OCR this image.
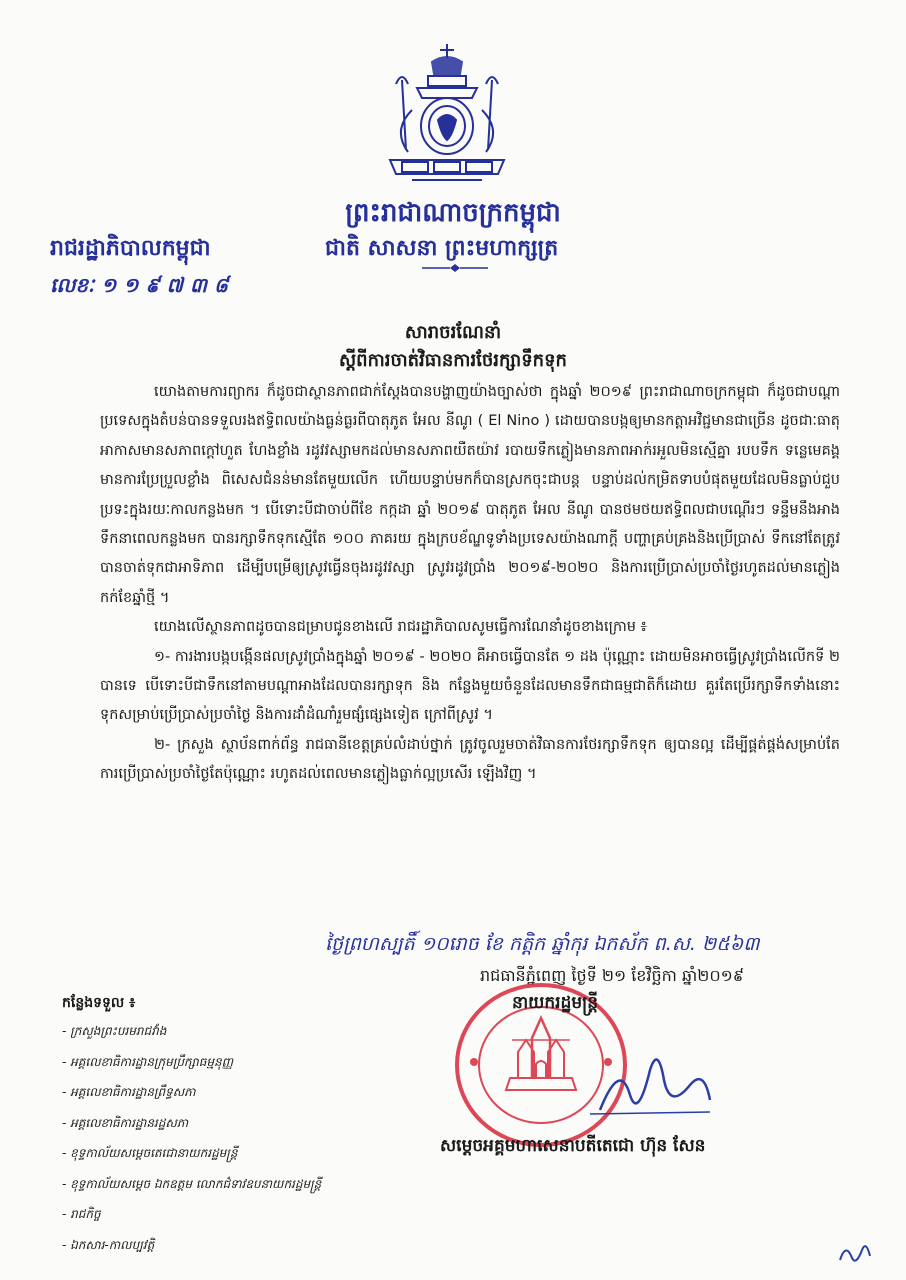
ព្រះរាជាណាចក្រកម្ពុជា
រាជរដ្ឋាភិបាលកម្ពុជា	ជាតិ សាសនា ព្រះមហាក្សត្រ
លេខៈ ១ ១ ៩ ៧ ៣ ៨
សារាចរណែនាំ
ស្តីពីការចាត់វិធានការថែរក្សាទឹកទុក

យោងតាមការព្យាករ ក៏ដូចជាស្ថានភាពជាក់ស្តែងបានបង្ហាញយ៉ាងច្បាស់ថា ក្នុងឆ្នាំ ២០១៩ ព្រះរាជាណាចក្រកម្ពុជា ក៏ដូចជាបណ្តាប្រទេសក្នុងតំបន់បានទទួលរងឥទ្ធិពលយ៉ាងធ្ងន់ធ្ងរពីបាតុភូត អែល នីណូ ( El Nino ) ដោយបានបង្កឲ្យមានកត្តាអវិជ្ជមានជាច្រើន ដូចជាៈធាតុអាកាសមានសភាពក្តៅហួត ហែងខ្លាំង រដូវវស្សាមកដល់មានសភាពយឺតយ៉ាវ របាយទឹកភ្លៀងមានភាពអាក់រអួលមិនស្មើគ្នា របបទឹក ទន្លេមេគង្គមានការប្រែប្រួលខ្លាំង ពិសេសជំនន់មានតែមួយលើក ហើយបន្ទាប់មកក៏បានស្រកចុះជាបន្ត បន្ទាប់ដល់កម្រិតទាបបំផុតមួយដែលមិនធ្លាប់ជួបប្រទះក្នុងរយៈកាលកន្លងមក ។ បើទោះបីជាចាប់ពីខែ កក្កដា ឆ្នាំ ២០១៩ បាតុភូត អែល នីណូ បានថមថយឥទ្ធិពលជាបណ្តើរៗ ទន្ទឹមនឹងអាងទឹកនាពេលកន្លងមក បានរក្សាទឹកទុកស្មើតែ ១០០ ភាគរយ ក្នុងក្របខ័ណ្ឌទូទាំងប្រទេសយ៉ាងណាក្តី បញ្ហាគ្រប់គ្រងនិងប្រើប្រាស់ ទឹកនៅតែត្រូវបានចាត់ទុកជាអាទិភាព ដើម្បីបម្រើឲ្យស្រូវធ្វើនចុងរដូវវស្សា ស្រូវរដូវប្រាំង ២០១៩-២០២០ និងការប្រើប្រាស់ប្រចាំថ្ងៃរហូតដល់មានភ្លៀងកក់ខែឆ្នាំថ្មី ។

យោងលើស្ថានភាពដូចបានជម្រាបជូនខាងលើ រាជរដ្ឋាភិបាលសូមធ្វើការណែនាំដូចខាងក្រោម ៖

១- ការងារបង្កបង្កើនផលស្រូវប្រាំងក្នុងឆ្នាំ ២០១៩ - ២០២០ គឺអាចធ្វើបានតែ ១ ដង ប៉ុណ្ណោះ ដោយមិនអាចធ្វើស្រូវប្រាំងលើកទី ២ បានទេ បើទោះបីជាទឹកនៅតាមបណ្តាអាងដែលបានរក្សាទុក និង កន្លែងមួយចំនួនដែលមានទឹកជាធម្មជាតិក៏ដោយ គួរតែប្រើរក្សាទឹកទាំងនោះទុកសម្រាប់ប្រើប្រាស់ប្រចាំថ្ងៃ និងការដាំដំណាំរួមផ្សំផ្សេងទៀត ក្រៅពីស្រូវ ។

២- ក្រសួង ស្ថាប័នពាក់ព័ន្ធ រាជធានីខេត្តគ្រប់លំដាប់ថ្នាក់ ត្រូវចូលរួមចាត់វិធានការថែរក្សាទឹកទុក ឲ្យបានល្អ ដើម្បីផ្គត់ផ្គង់សម្រាប់តែការប្រើប្រាស់ប្រចាំថ្ងៃតែប៉ុណ្ណោះ រហូតដល់ពេលមានភ្លៀងធ្លាក់ល្អប្រសើរ ឡើងវិញ ។

ថ្ងៃព្រហស្បតិ៍ ១០រោច ខែ កត្តិក ឆ្នាំកុរ ឯកស័ក ព.ស. ២៥៦៣
រាជធានីភ្នំពេញ ថ្ងៃទី ២១ ខែវិច្ឆិកា ឆ្នាំ២០១៩
កន្លែងទទួល ៖
- ក្រសួងព្រះបរមរាជវាំង
- អគ្គលេខាធិការដ្ឋានក្រុមប្រឹក្សាធម្មនុញ្ញ
- អគ្គលេខាធិការដ្ឋានព្រឹទ្ធសភា
- អគ្គលេខាធិការដ្ឋានរដ្ឋសភា
- ខុទ្ទកាល័យសម្តេចតេជោនាយករដ្ឋមន្ត្រី
- ខុទ្ទកាល័យសម្តេច ឯកឧត្តម លោកជំទាវឧបនាយករដ្ឋមន្ត្រី
- រាជកិច្ច
- ឯកសារ-កាលប្បវត្តិ
នាយករដ្ឋមន្ត្រី
សម្តេចអគ្គមហាសេនាបតីតេជោ ហ៊ុន សែន
